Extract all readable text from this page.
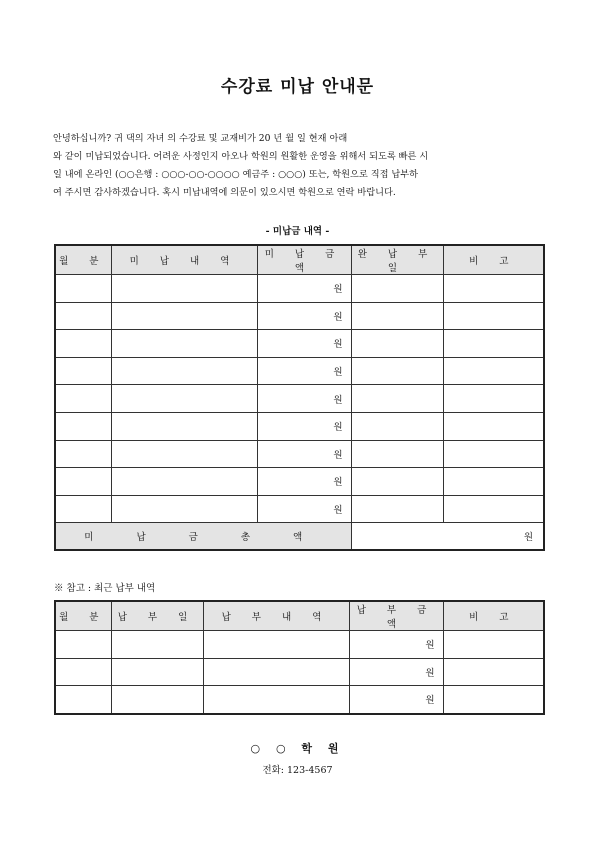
수강료 미납 안내문
안녕하십니까? 귀 댁의 자녀 의 수강료 및 교재비가 20 년 월 일 현재 아래
와 같이 미납되었습니다. 어려운 사정인지 아오나 학원의 원활한 운영을 위해서 되도록 빠른 시
일 내에 온라인 (○○은행 : ○○○-○○-○○○○ 예금주 : ○○○) 또는, 학원으로 직접 납부하
여 주시면 감사하겠습니다. 혹시 미납내역에 의문이 있으시면 학원으로 연락 바랍니다.
- 미납금 내역 -
월 분	미 납 내 역	미 납 금 액	완 납 부 일	비 고
		원		
		원		
		원		
		원		
		원		
		원		
		원		
		원		
		원		
미 납 금 총 액			원	
※ 참고 : 최근 납부 내역
월 분	납 부 일	납 부 내 역	납 부 금 액	비 고
			원	
			원	
			원	
○ ○ 학 원
전화: 123-4567
